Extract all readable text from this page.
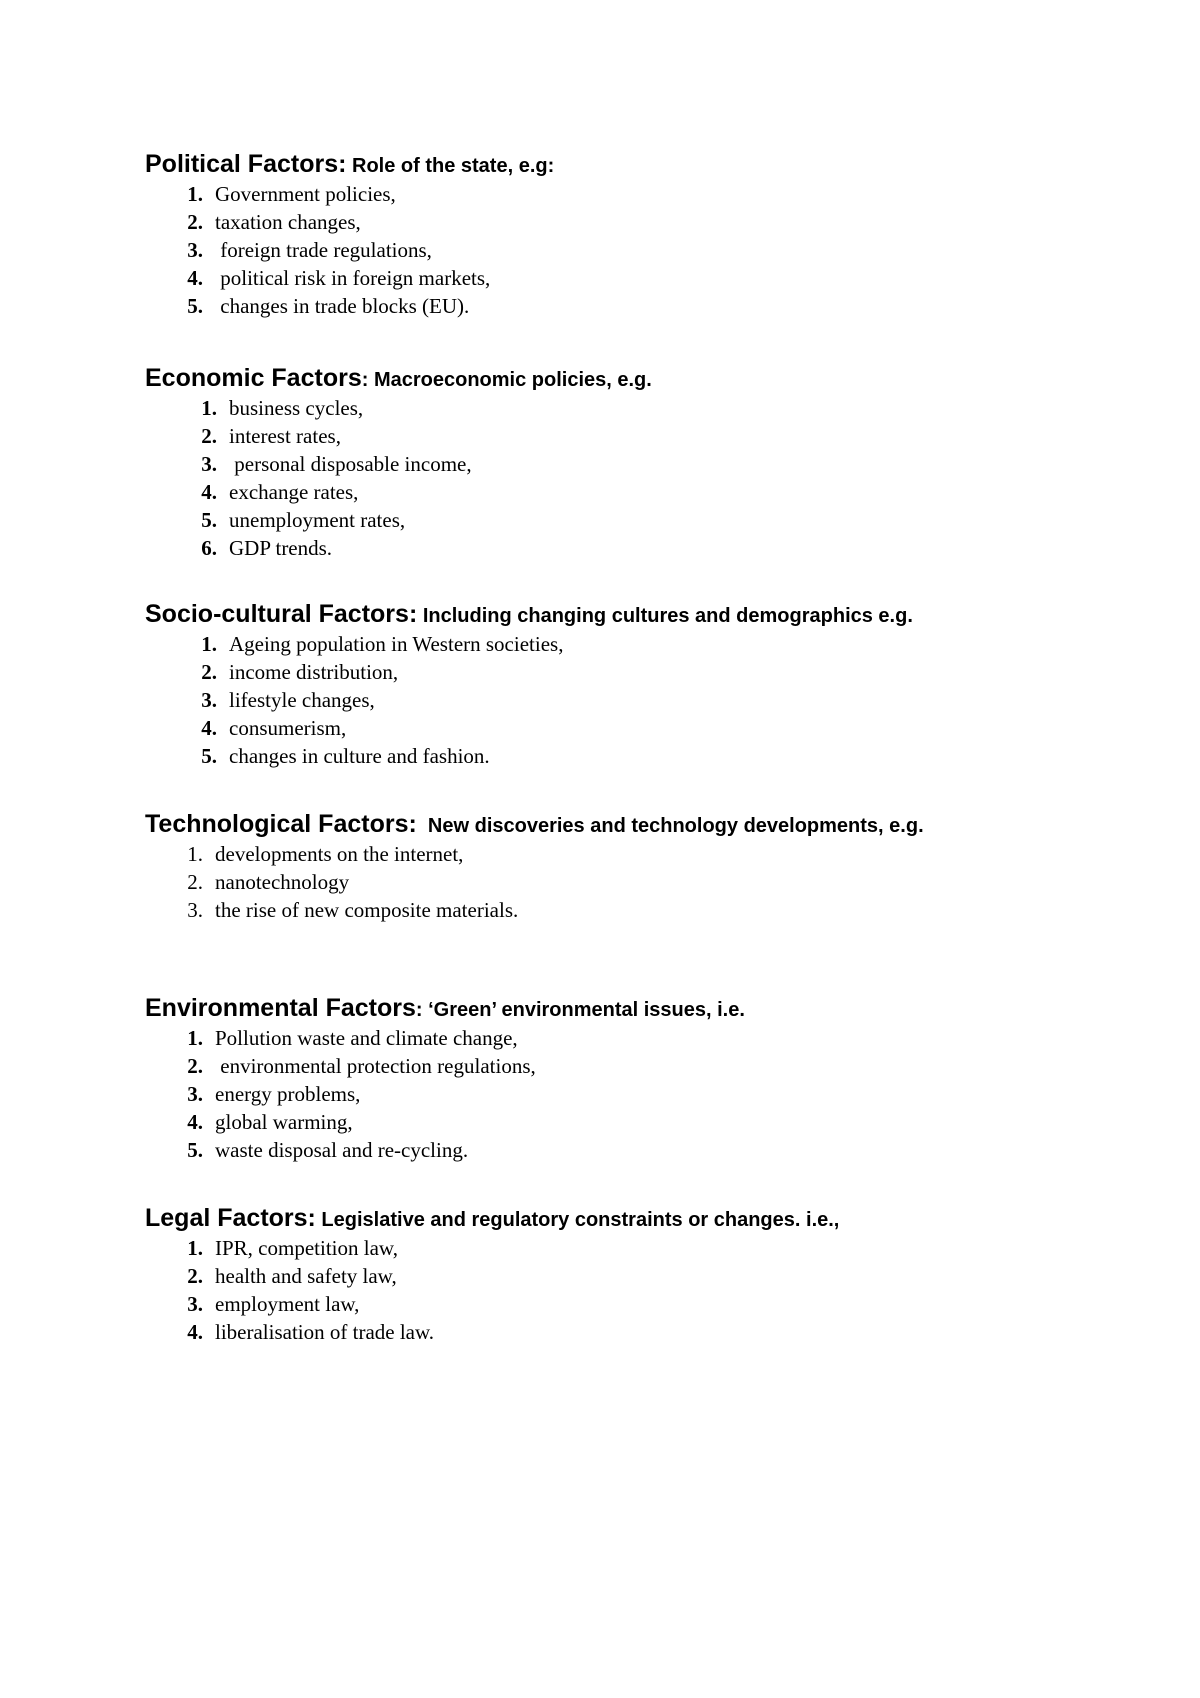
Political Factors: Role of the state, e.g:
1. Government policies,
2. taxation changes,
3. foreign trade regulations,
4. political risk in foreign markets,
5. changes in trade blocks (EU).
Economic Factors: Macroeconomic policies, e.g.
1. business cycles,
2. interest rates,
3. personal disposable income,
4. exchange rates,
5. unemployment rates,
6. GDP trends.
Socio-cultural Factors: Including changing cultures and demographics e.g.
1. Ageing population in Western societies,
2. income distribution,
3. lifestyle changes,
4. consumerism,
5. changes in culture and fashion.
Technological Factors:  New discoveries and technology developments, e.g.
1. developments on the internet,
2. nanotechnology
3. the rise of new composite materials.
Environmental Factors: ‘Green’ environmental issues, i.e.
1. Pollution waste and climate change,
2. environmental protection regulations,
3. energy problems,
4. global warming,
5. waste disposal and re-cycling.
Legal Factors: Legislative and regulatory constraints or changes. i.e.,
1. IPR, competition law,
2. health and safety law,
3. employment law,
4. liberalisation of trade law.
